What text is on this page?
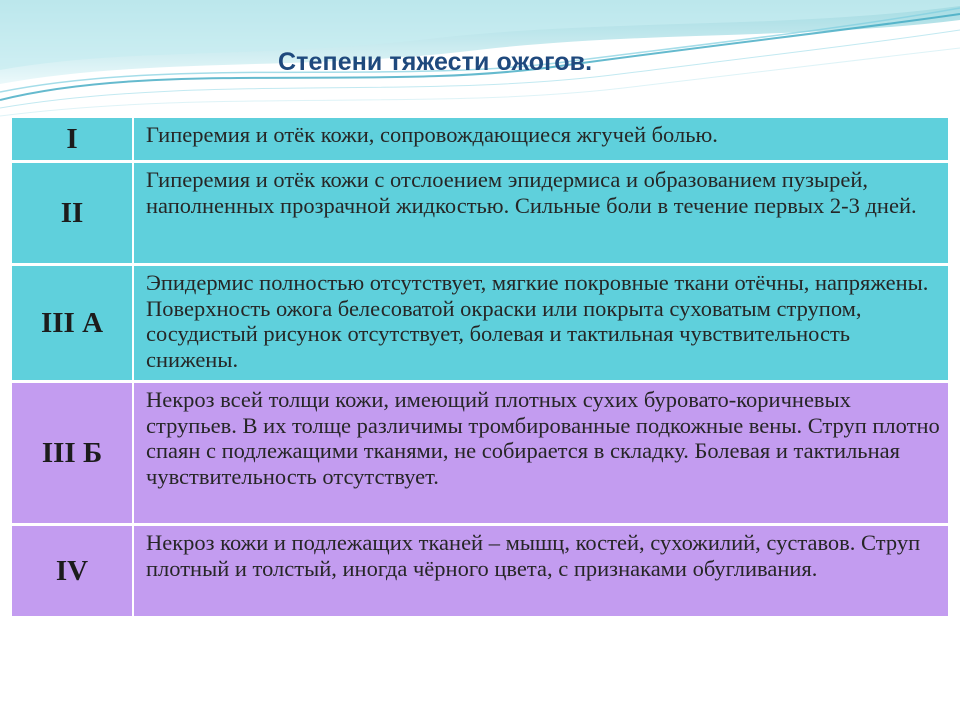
Степени тяжести ожогов.
I	Гиперемия и отёк кожи, сопровождающиеся жгучей болью.
II
Гиперемия и отёк кожи с отслоением эпидермиса и образованием пузырей, наполненных прозрачной жидкостью. Сильные боли в течение первых 2-3 дней.
III А
Эпидермис полностью отсутствует, мягкие покровные ткани отёчны, напряжены. Поверхность ожога белесоватой окраски или покрыта суховатым струпом, сосудистый рисунок отсутствует, болевая и тактильная чувствительность снижены.
III Б
Некроз всей толщи кожи, имеющий плотных сухих буровато-коричневых струпьев. В их толще различимы тромбированные подкожные вены. Струп плотно спаян с подлежащими тканями, не собирается в складку. Болевая и тактильная чувствительность отсутствует.
IV
Некроз кожи и подлежащих тканей – мышц, костей, сухожилий, суставов. Струп плотный и толстый, иногда чёрного цвета, с признаками обугливания.
